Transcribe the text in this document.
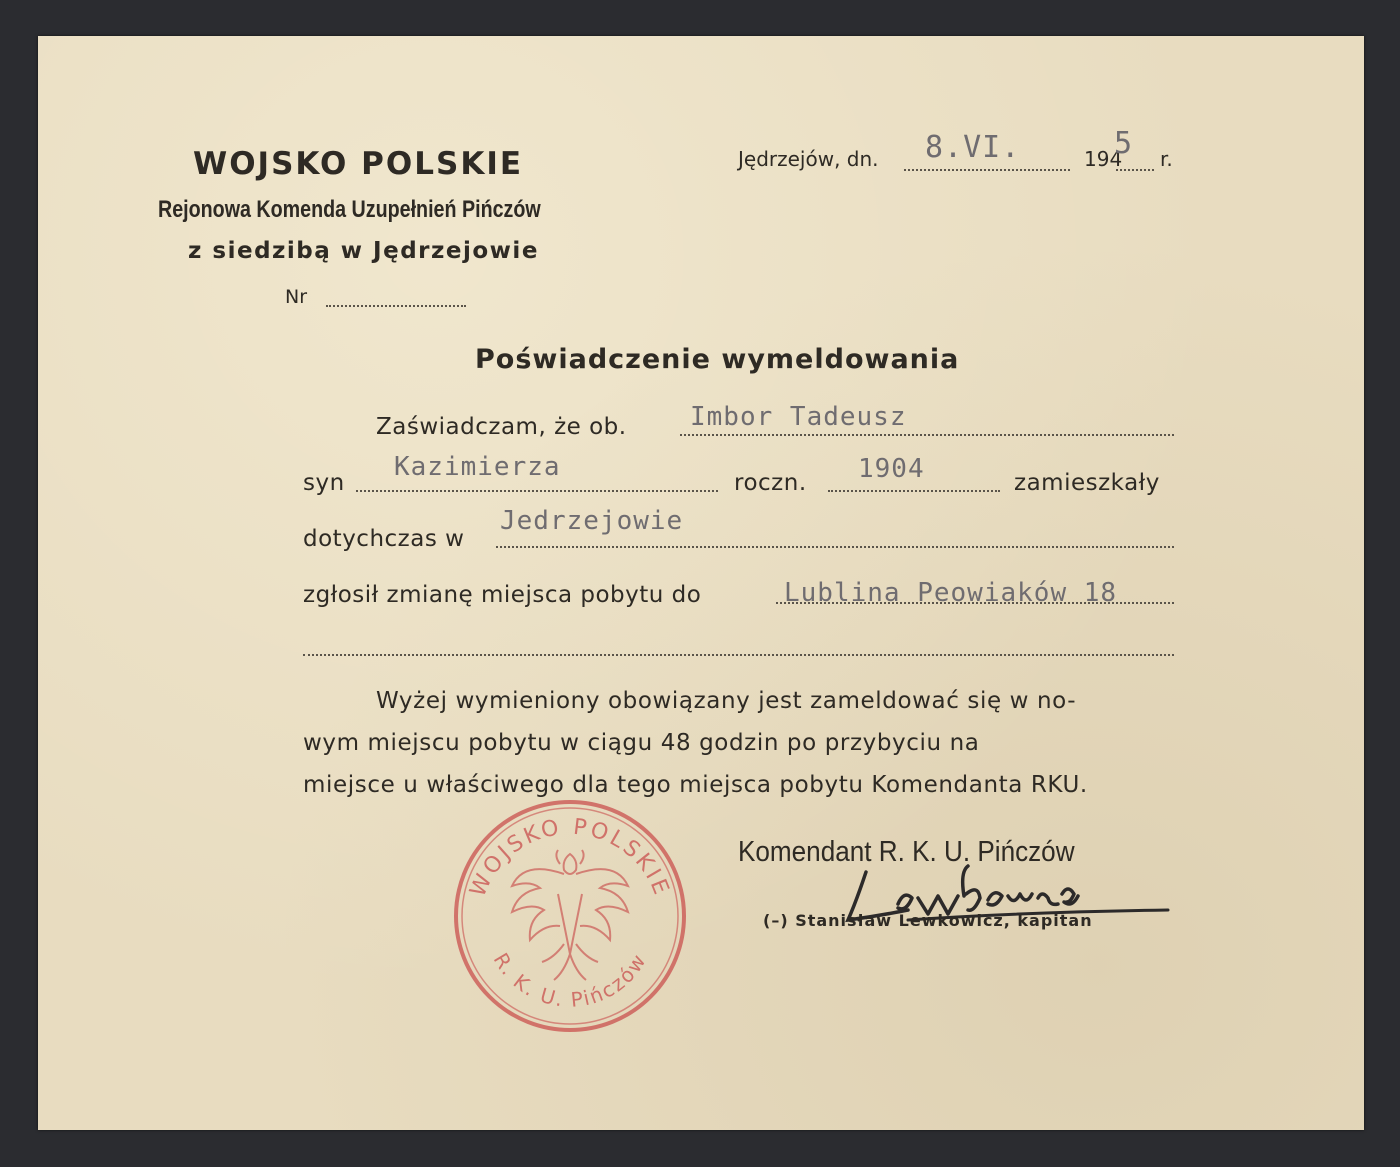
WOJSKO POLSKIE
Rejonowa Komenda Uzupełnień Pińczów
z siedzibą w Jędrzejowie
Nr
Jędrzejów, dn. 8.VI.	194
5 r.
Poświadczenie wymeldowania
Zaświadczam, że ob. Imbor Tadeusz
syn
Kazimierza
roczn. 1904	zamieszkały
dotychczas w
Jedrzejowie
zgłosił zmianę miejsca pobytu do	Lublina Peowiaków 18
Wyżej wymieniony obowiązany jest zameldować się w no-
wym miejscu pobytu w ciągu 48 godzin po przybyciu na
miejsce u właściwego dla tego miejsca pobytu Komendanta RKU.
WOJSKO POLSKIE
R. K. U. Pińczów
Komendant R. K. U. Pińczów
(–) Stanisław Lewkowicz, kapitan
